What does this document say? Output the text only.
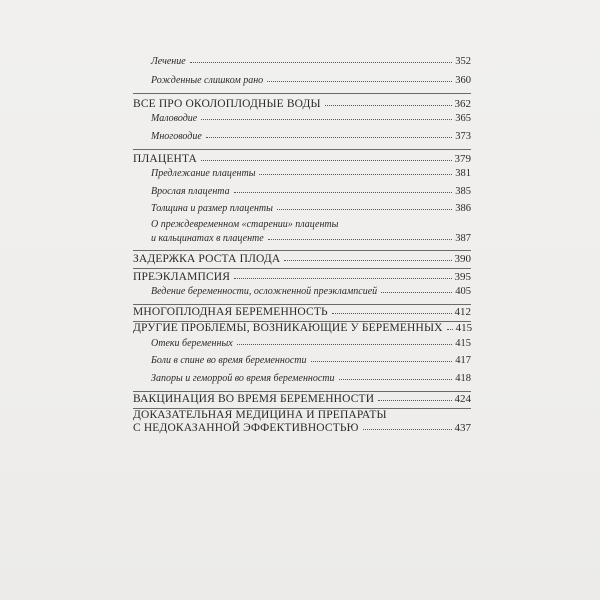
Лечение	352
Рожденные слишком рано	360
ВСЕ ПРО ОКОЛОПЛОДНЫЕ ВОДЫ	362
Маловодие	365
Многоводие	373
ПЛАЦЕНТА	379
Предлежание плаценты	381
Врослая плацента	385
Толщина и размер плаценты	386
О преждевременном «старении» плаценты
и кальцинатах в плаценте	387
ЗАДЕРЖКА РОСТА ПЛОДА	390
ПРЕЭКЛАМПСИЯ	395
Ведение беременности, осложненной преэклампсией	405
МНОГОПЛОДНАЯ БЕРЕМЕННОСТЬ	412
ДРУГИЕ ПРОБЛЕМЫ, ВОЗНИКАЮЩИЕ У БЕРЕМЕННЫХ 415
Отеки беременных	415
Боли в спине во время беременности	417
Запоры и геморрой во время беременности	418
ВАКЦИНАЦИЯ ВО ВРЕМЯ БЕРЕМЕННОСТИ	424
ДОКАЗАТЕЛЬНАЯ МЕДИЦИНА И ПРЕПАРАТЫ
С НЕДОКАЗАННОЙ ЭФФЕКТИВНОСТЬЮ	437
